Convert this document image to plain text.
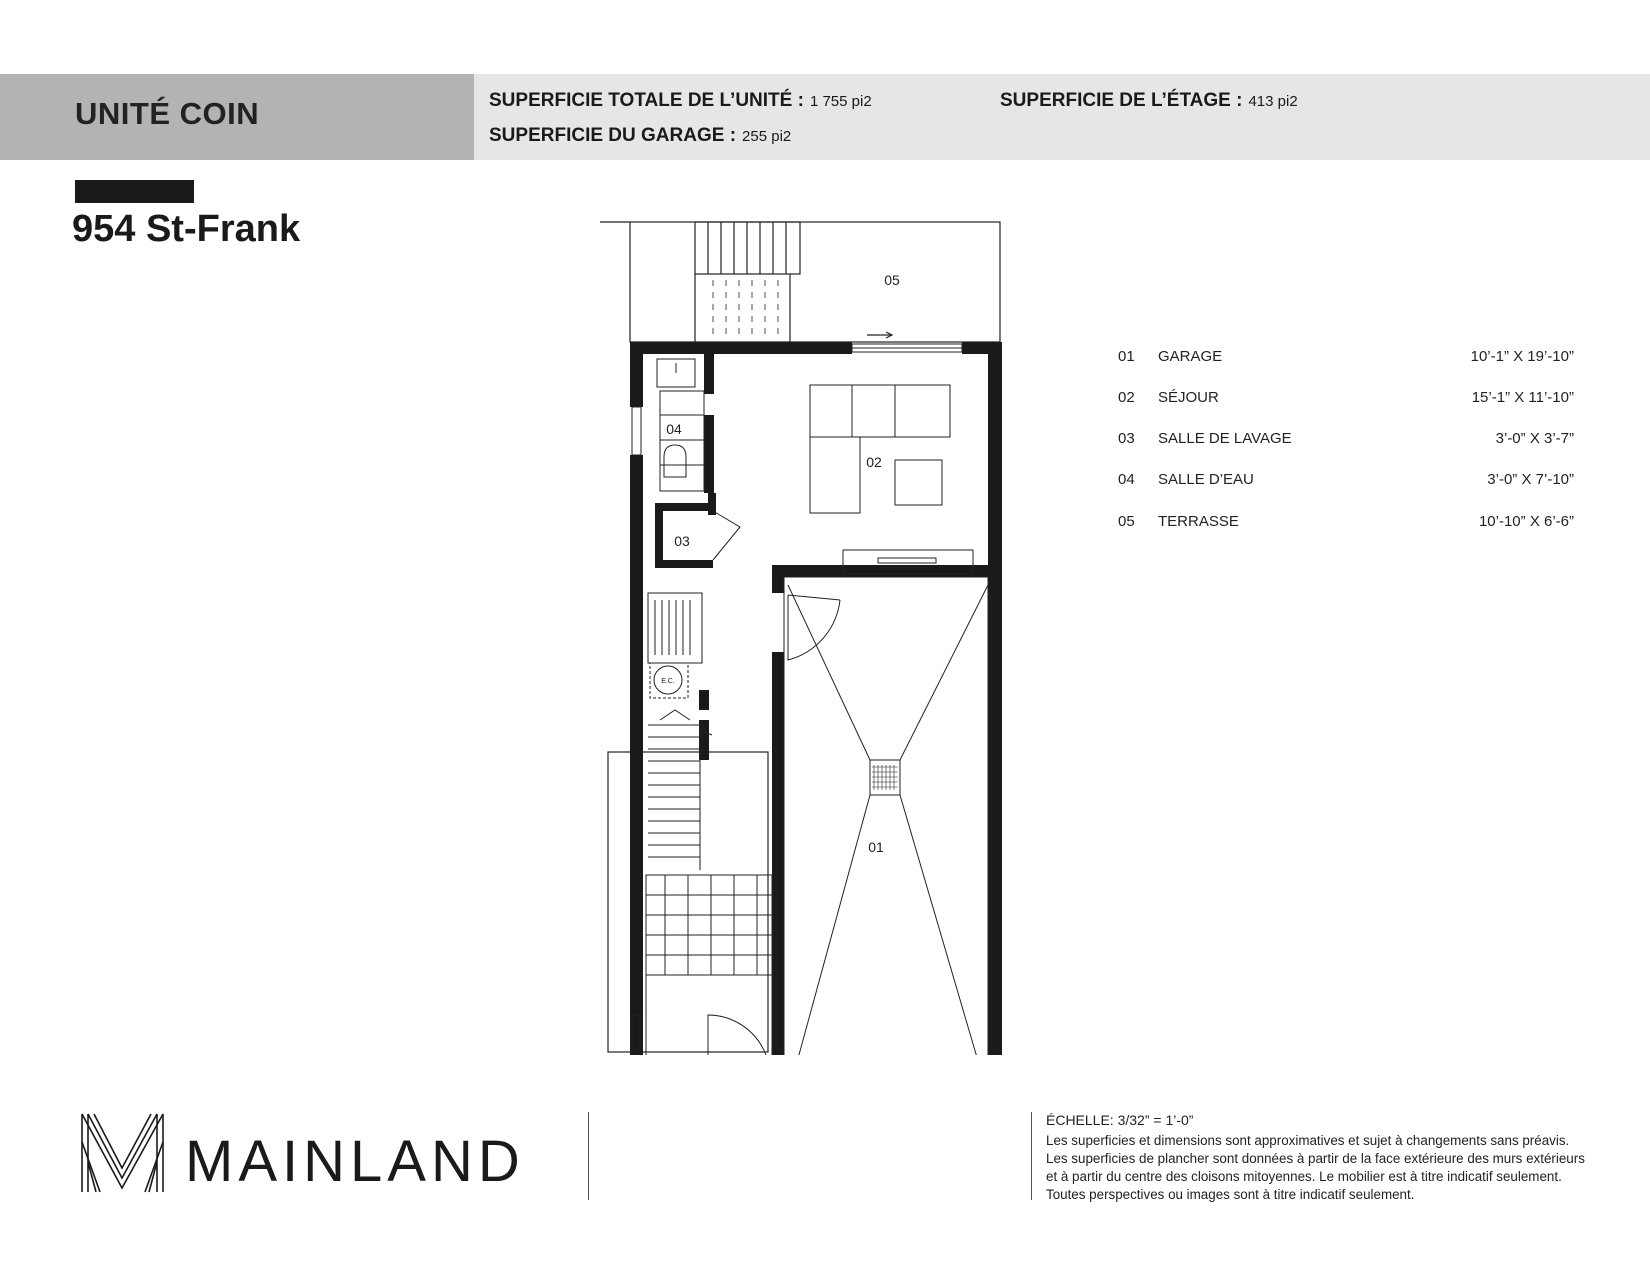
UNITÉ COIN	SUPERFICIE TOTALE DE L’UNITÉ : 1 755 pi2	SUPERFICIE DE L’ÉTAGE : 413 pi2
SUPERFICIE DU GARAGE : 255 pi2
954 St-Frank
05
02
04
03
01
E.C.
01 GARAGE	10’-1” X 19’-10”
02 SÉJOUR	15’-1” X 11’-10”
03 SALLE DE LAVAGE	3’-0” X 3’-7”
04 SALLE D’EAU	3’-0” X 7’-10”
05 TERRASSE	10’-10” X 6’-6”
MAINLAND
ÉCHELLE: 3/32” = 1’-0”
Les superficies et dimensions sont approximatives et sujet à changements sans préavis. Les superficies de plancher sont données à partir de la face extérieure des murs extérieurs et à partir du centre des cloisons mitoyennes. Le mobilier est à titre indicatif seulement. Toutes perspectives ou images sont à titre indicatif seulement.
